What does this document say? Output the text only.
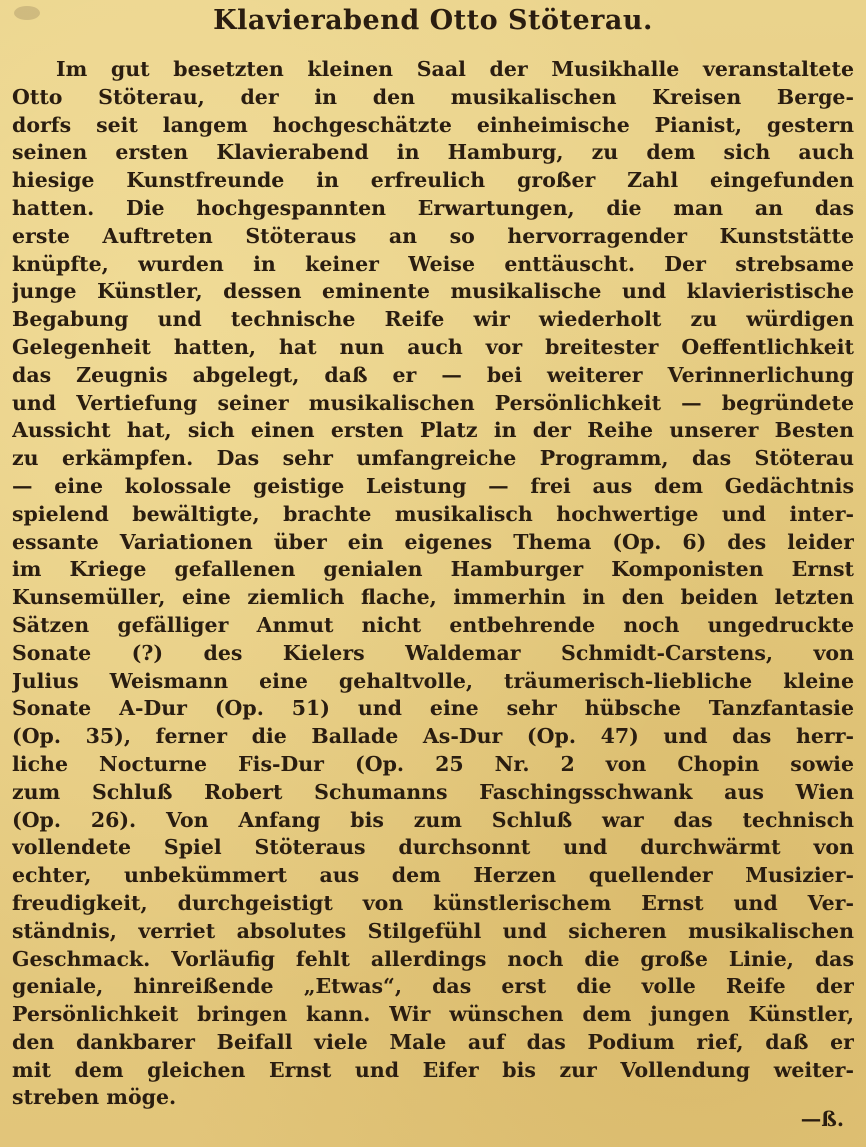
Klavierabend Otto Stöterau.
Im gut besetzten kleinen Saal der Musikhalle veranstaltete
Otto Stöterau, der in den musikalischen Kreisen Berge-
dorfs seit langem hochgeschätzte einheimische Pianist, gestern
seinen ersten Klavierabend in Hamburg, zu dem sich auch
hiesige Kunstfreunde in erfreulich großer Zahl eingefunden
hatten. Die hochgespannten Erwartungen, die man an das
erste Auftreten Stöteraus an so hervorragender Kunststätte
knüpfte, wurden in keiner Weise enttäuscht. Der strebsame
junge Künstler, dessen eminente musikalische und klavieristische
Begabung und technische Reife wir wiederholt zu würdigen
Gelegenheit hatten, hat nun auch vor breitester Oeffentlichkeit
das Zeugnis abgelegt, daß er — bei weiterer Verinnerlichung
und Vertiefung seiner musikalischen Persönlichkeit — begründete
Aussicht hat, sich einen ersten Platz in der Reihe unserer Besten
zu erkämpfen. Das sehr umfangreiche Programm, das Stöterau
— eine kolossale geistige Leistung — frei aus dem Gedächtnis
spielend bewältigte, brachte musikalisch hochwertige und inter-
essante Variationen über ein eigenes Thema (Op. 6) des leider
im Kriege gefallenen genialen Hamburger Komponisten Ernst
Kunsemüller, eine ziemlich flache, immerhin in den beiden letzten
Sätzen gefälliger Anmut nicht entbehrende noch ungedruckte
Sonate (?) des Kielers Waldemar Schmidt-Carstens, von
Julius Weismann eine gehaltvolle, träumerisch-liebliche kleine
Sonate A-Dur (Op. 51) und eine sehr hübsche Tanzfantasie
(Op. 35), ferner die Ballade As-Dur (Op. 47) und das herr-
liche Nocturne Fis-Dur (Op. 25 Nr. 2 von Chopin sowie
zum Schluß Robert Schumanns Faschingsschwank aus Wien
(Op. 26). Von Anfang bis zum Schluß war das technisch
vollendete Spiel Stöteraus durchsonnt und durchwärmt von
echter, unbekümmert aus dem Herzen quellender Musizier-
freudigkeit, durchgeistigt von künstlerischem Ernst und Ver-
ständnis, verriet absolutes Stilgefühl und sicheren musikalischen
Geschmack. Vorläufig fehlt allerdings noch die große Linie, das
geniale, hinreißende „Etwas“, das erst die volle Reife der
Persönlichkeit bringen kann. Wir wünschen dem jungen Künstler,
den dankbarer Beifall viele Male auf das Podium rief, daß er
mit dem gleichen Ernst und Eifer bis zur Vollendung weiter-
streben möge.
—ß.
